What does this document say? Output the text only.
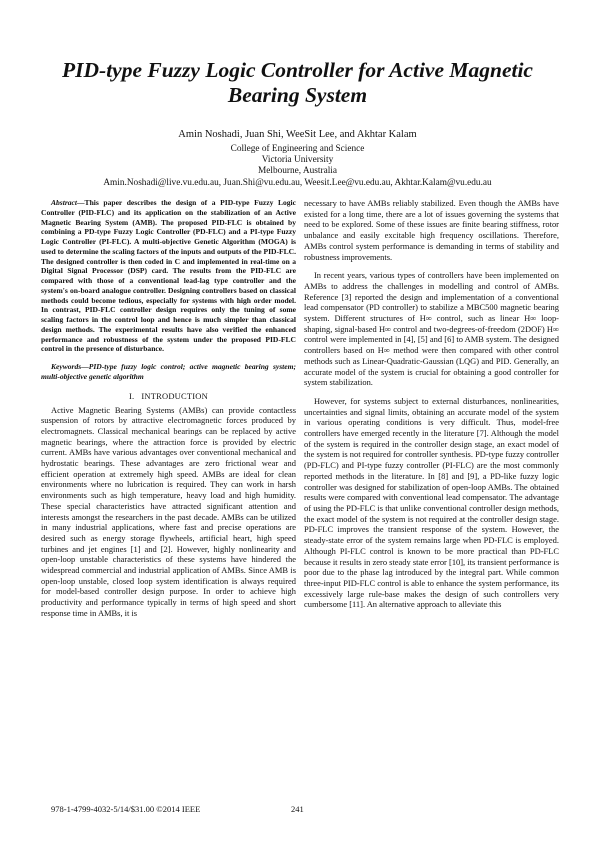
PID-type Fuzzy Logic Controller for Active Magnetic Bearing System
Amin Noshadi, Juan Shi, WeeSit Lee, and Akhtar Kalam
College of Engineering and Science
Victoria University
Melbourne, Australia
Amin.Noshadi@live.vu.edu.au, Juan.Shi@vu.edu.au, Weesit.Lee@vu.edu.au, Akhtar.Kalam@vu.edu.au

Abstract—This paper describes the design of a PID-type Fuzzy Logic Controller (PID-FLC) and its application on the stabilization of an Active Magnetic Bearing System (AMB). The proposed PID-FLC is obtained by combining a PD-type Fuzzy Logic Controller (PD-FLC) and a PI-type Fuzzy Logic Controller (PI-FLC). A multi-objective Genetic Algorithm (MOGA) is used to determine the scaling factors of the inputs and outputs of the PID-FLC. The designed controller is then coded in C and implemented in real-time on a Digital Signal Processor (DSP) card. The results from the PID-FLC are compared with those of a conventional lead-lag type controller and the system's on-board analogue controller. Designing controllers based on classical methods could become tedious, especially for systems with high order model. In contrast, PID-FLC controller design requires only the tuning of some scaling factors in the control loop and hence is much simpler than classical design methods. The experimental results have also verified the enhanced performance and robustness of the system under the proposed PID-FLC control in the presence of disturbance.

Keywords—PID-type fuzzy logic control; active magnetic bearing system; multi-objective genetic algorithm

I. INTRODUCTION

Active Magnetic Bearing Systems (AMBs) can provide contactless suspension of rotors by attractive electromagnetic forces produced by electromagnets. Classical mechanical bearings can be replaced by active magnetic bearings, where the attraction force is provided by electric current. AMBs have various advantages over conventional mechanical and hydrostatic bearings. These advantages are zero frictional wear and efficient operation at extremely high speed. AMBs are ideal for clean environments where no lubrication is required. They can work in harsh environments such as high temperature, heavy load and high humidity. These special characteristics have attracted significant attention and interests amongst the researchers in the past decade. AMBs can be utilized in many industrial applications, where fast and precise operations are desired such as energy storage flywheels, artificial heart, high speed turbines and jet engines [1] and [2]. However, highly nonlinearity and open-loop unstable characteristics of these systems have hindered the widespread commercial and industrial application of AMBs. Since AMB is open-loop unstable, closed loop system identification is always required for model-based controller design purpose. In order to achieve high productivity and performance typically in terms of high speed and short response time in AMBs, it is

necessary to have AMBs reliably stabilized. Even though the AMBs have existed for a long time, there are a lot of issues governing the systems that need to be explored. Some of these issues are finite bearing stiffness, rotor unbalance and easily excitable high frequency oscillations. Therefore, AMBs control system performance is demanding in terms of stability and robustness improvements.

In recent years, various types of controllers have been implemented on AMBs to address the challenges in modelling and control of AMBs. Reference [3] reported the design and implementation of a conventional lead compensator (PD controller) to stabilize a MBC500 magnetic bearing system. Different structures of H∞ control, such as linear H∞ loop-shaping, signal-based H∞ control and two-degrees-of-freedom (2DOF) H∞ control were implemented in [4], [5] and [6] to AMB system. The designed controllers based on H∞ method were then compared with other control methods such as Linear-Quadratic-Gaussian (LQG) and PID. Generally, an accurate model of the system is crucial for obtaining a good controller for system stabilization.

However, for systems subject to external disturbances, nonlinearities, uncertainties and signal limits, obtaining an accurate model of the system in various operating conditions is very difficult. Thus, model-free controllers have emerged recently in the literature [7]. Although the model of the system is required in the controller design stage, an exact model of the system is not required for controller synthesis. PD-type fuzzy controller (PD-FLC) and PI-type fuzzy controller (PI-FLC) are the most commonly reported methods in the literature. In [8] and [9], a PD-like fuzzy logic controller was designed for stabilization of open-loop AMBs. The obtained results were compared with conventional lead compensator. The advantage of using the PD-FLC is that unlike conventional controller design methods, the exact model of the system is not required at the controller design stage. PD-FLC improves the transient response of the system. However, the steady-state error of the system remains large when PD-FLC is employed. Although PI-FLC control is known to be more practical than PD-FLC because it results in zero steady state error [10], its transient performance is poor due to the phase lag introduced by the integral part. While common three-input PID-FLC control is able to enhance the system performance, its excessively large rule-base makes the design of such controllers very cumbersome [11]. An alternative approach to alleviate this

978-1-4799-4032-5/14/$31.00 ©2014 IEEE	241
